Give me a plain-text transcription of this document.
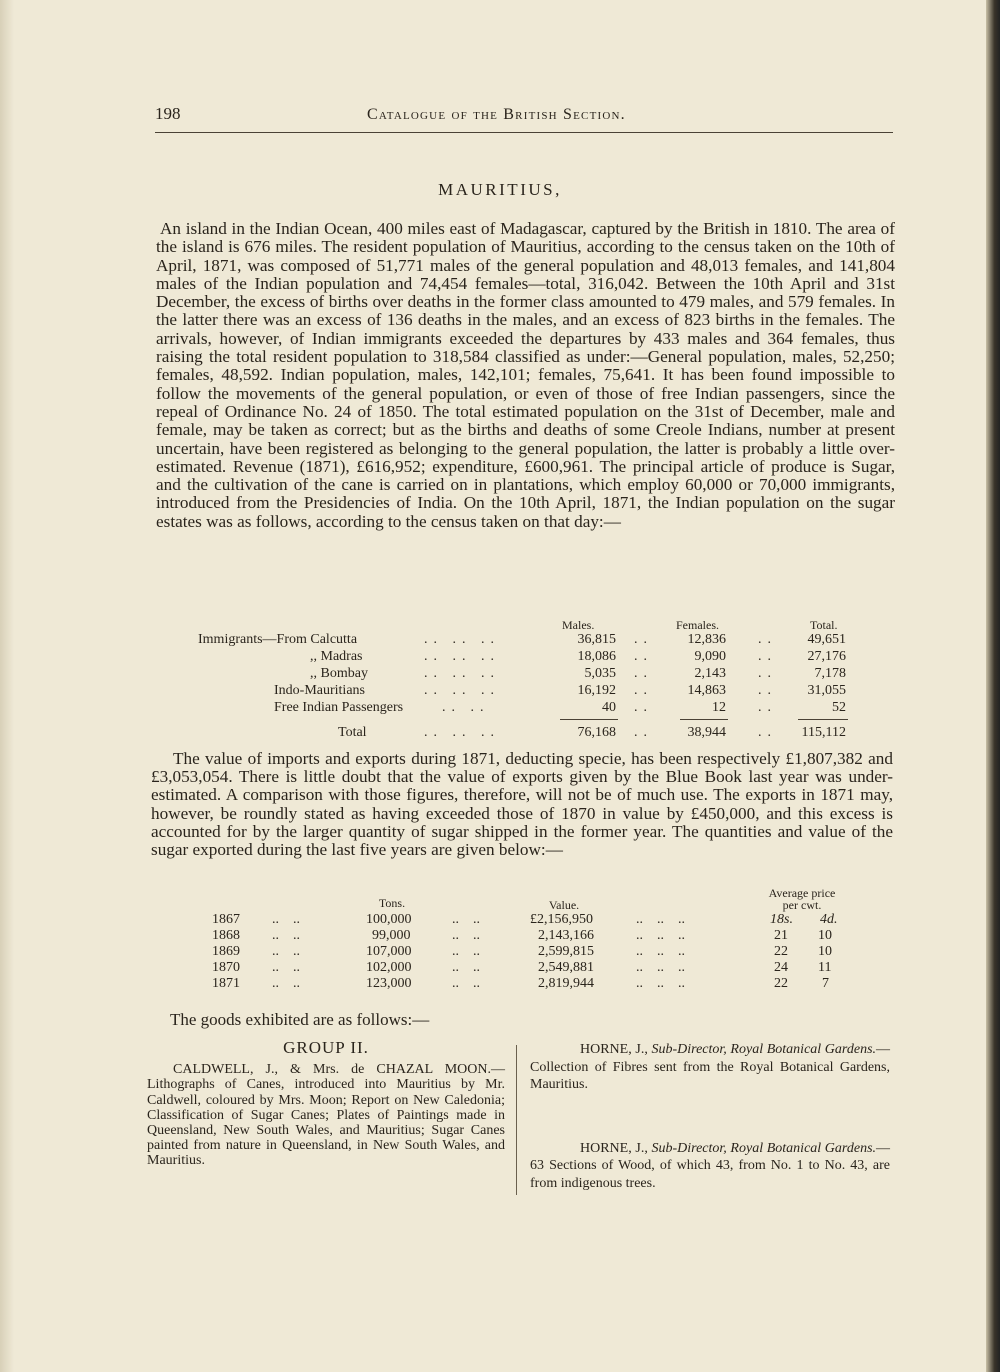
198	Catalogue of the British Section.
MAURITIUS,
An island in the Indian Ocean, 400 miles east of Madagascar, captured by the British in 1810. The area of the island is 676 miles. The resident population of Mauritius, according to the census taken on the 10th of April, 1871, was composed of 51,771 males of the general population and 48,013 females, and 141,804 males of the Indian population and 74,454 females—total, 316,042. Between the 10th April and 31st December, the excess of births over deaths in the former class amounted to 479 males, and 579 females. In the latter there was an excess of 136 deaths in the males, and an excess of 823 births in the females. The arrivals, however, of Indian immigrants exceeded the departures by 433 males and 364 females, thus raising the total resident population to 318,584 classified as under:—General population, males, 52,250; females, 48,592. Indian population, males, 142,101; females, 75,641. It has been found impossible to follow the movements of the general population, or even of those of free Indian passengers, since the repeal of Ordinance No. 24 of 1850. The total estimated population on the 31st of December, male and female, may be taken as correct; but as the births and deaths of some Creole Indians, number at present uncertain, have been registered as belonging to the general population, the latter is probably a little over-estimated. Revenue (1871), £616,952; expenditure, £600,961. The principal article of produce is Sugar, and the cultivation of the cane is carried on in plantations, which employ 60,000 or 70,000 immigrants, introduced from the Presidencies of India. On the 10th April, 1871, the Indian population on the sugar estates was as follows, according to the census taken on that day:—
Males.	Females.	Total.
Immigrants—From Calcutta	.. .. ..	36,815 ..	12,836 ..	49,651
,, Madras	.. .. ..	18,086 ..	9,090 ..	27,176
,, Bombay	.. .. ..	5,035 ..	2,143 ..	7,178
Indo-Mauritians	.. .. ..	16,192 ..	14,863 ..	31,055
Free Indian Passengers	.. ..	40 ..	12 ..	52
Total	.. .. ..	76,168 ..	38,944 ..	115,112
The value of imports and exports during 1871, deducting specie, has been respectively £1,807,382 and £3,053,054. There is little doubt that the value of exports given by the Blue Book last year was under-estimated. A comparison with those figures, therefore, will not be of much use. The exports in 1871 may, however, be roundly stated as having exceeded those of 1870 in value by £450,000, and this excess is accounted for by the larger quantity of sugar shipped in the former year. The quantities and value of the sugar exported during the last five years are given below:—
Tons.	Value.
Average price
per cwt.
1867 ..    ..	100,000	..    ..	£2,156,950	..    ..    ..	18s. 4d.
1868 ..    ..	99,000	..    ..	2,143,166	..    ..    ..	21 10
1869 ..    ..	107,000	..    ..	2,599,815	..    ..    ..	22 10
1870 ..    ..	102,000	..    ..	2,549,881	..    ..    ..	24 11
1871 ..    ..	123,000	..    ..	2,819,944	..    ..    ..	22 7
The goods exhibited are as follows:—
GROUP II.
CALDWELL, J., & Mrs. de CHAZAL MOON.—Lithographs of Canes, introduced into Mauritius by Mr. Caldwell, coloured by Mrs. Moon; Report on New Caledonia; Classification of Sugar Canes; Plates of Paintings made in Queensland, New South Wales, and Mauritius; Sugar Canes painted from nature in Queensland, in New South Wales, and Mauritius.
HORNE, J., Sub-Director, Royal Botanical Gardens.—Collection of Fibres sent from the Royal Botanical Gardens, Mauritius.
HORNE, J., Sub-Director, Royal Botanical Gardens.—63 Sections of Wood, of which 43, from No. 1 to No. 43, are from indigenous trees.
